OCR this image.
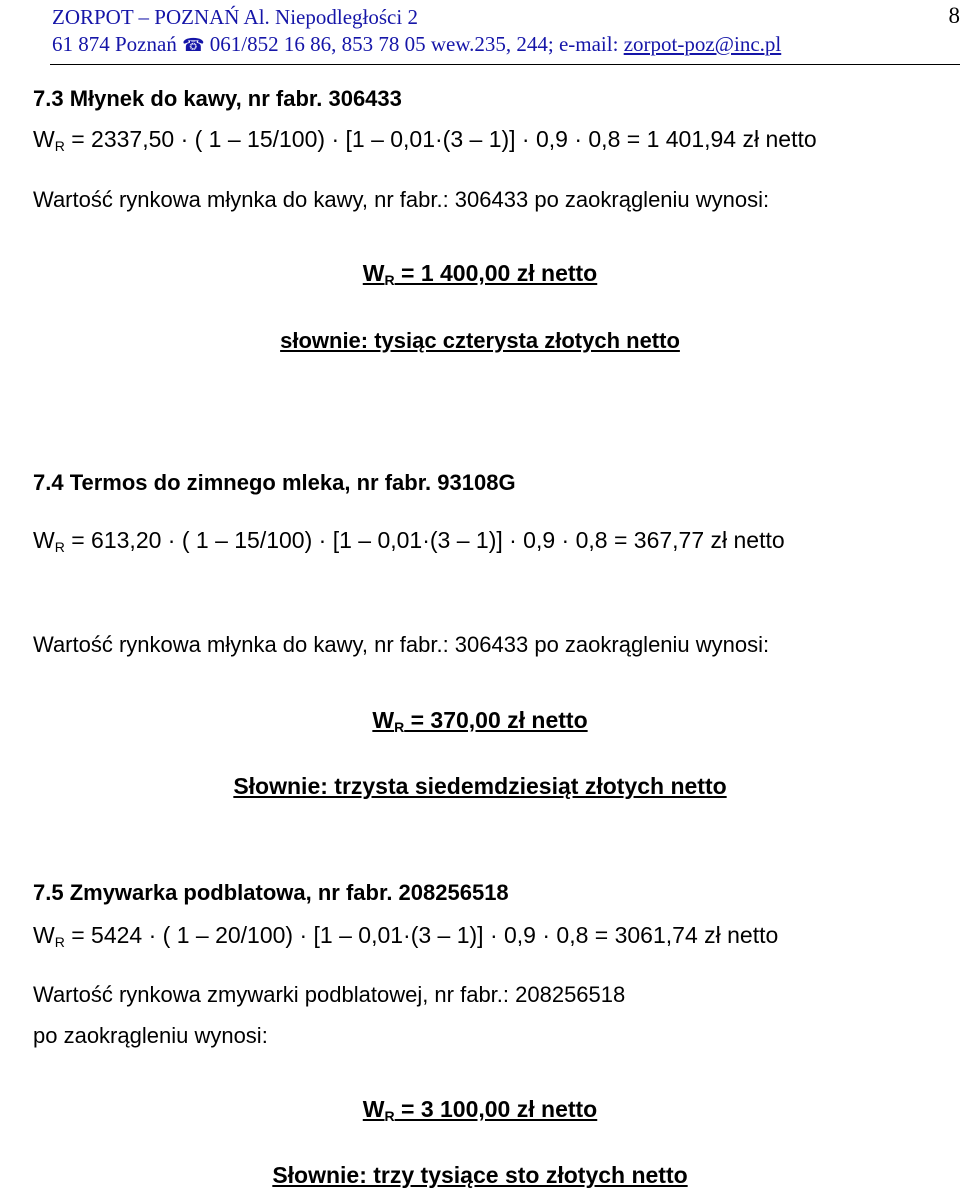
ZORPOT – POZNAŃ Al. Niepodległości 2
61 874 Poznań ☎ 061/852 16 86, 853 78 05 wew.235, 244; e-mail: zorpot-poz@inc.pl
8
7.3 Młynek do kawy, nr fabr. 306433
$W_R = 2337,50$ · ( 1 – 15/100) · [1 – 0,01·(3 – 1)] · 0,9 · 0,8 = 1 401,94 zł netto
Wartość rynkowa młynka do kawy, nr fabr.: 306433 po zaokrągleniu wynosi:
$W_R = 1$ 400,00 zł netto
słownie: tysiąc czterysta złotych netto
7.4 Termos do zimnego mleka, nr fabr. 93108G
$W_R = 613,20$ · ( 1 – 15/100) · [1 – 0,01·(3 – 1)] · 0,9 · 0,8 = 367,77 zł netto
Wartość rynkowa młynka do kawy, nr fabr.: 306433 po zaokrągleniu wynosi:
$W_R = 370,00$ zł netto
Słownie: trzysta siedemdziesiąt złotych netto
7.5 Zmywarka podblatowa, nr fabr. 208256518
$W_R = 5424$ · ( 1 – 20/100) · [1 – 0,01·(3 – 1)] · 0,9 · 0,8 = 3061,74 zł netto
Wartość rynkowa zmywarki podblatowej, nr fabr.: 208256518
po zaokrągleniu wynosi:
$W_R = 3$ 100,00 zł netto
Słownie: trzy tysiące sto złotych netto
